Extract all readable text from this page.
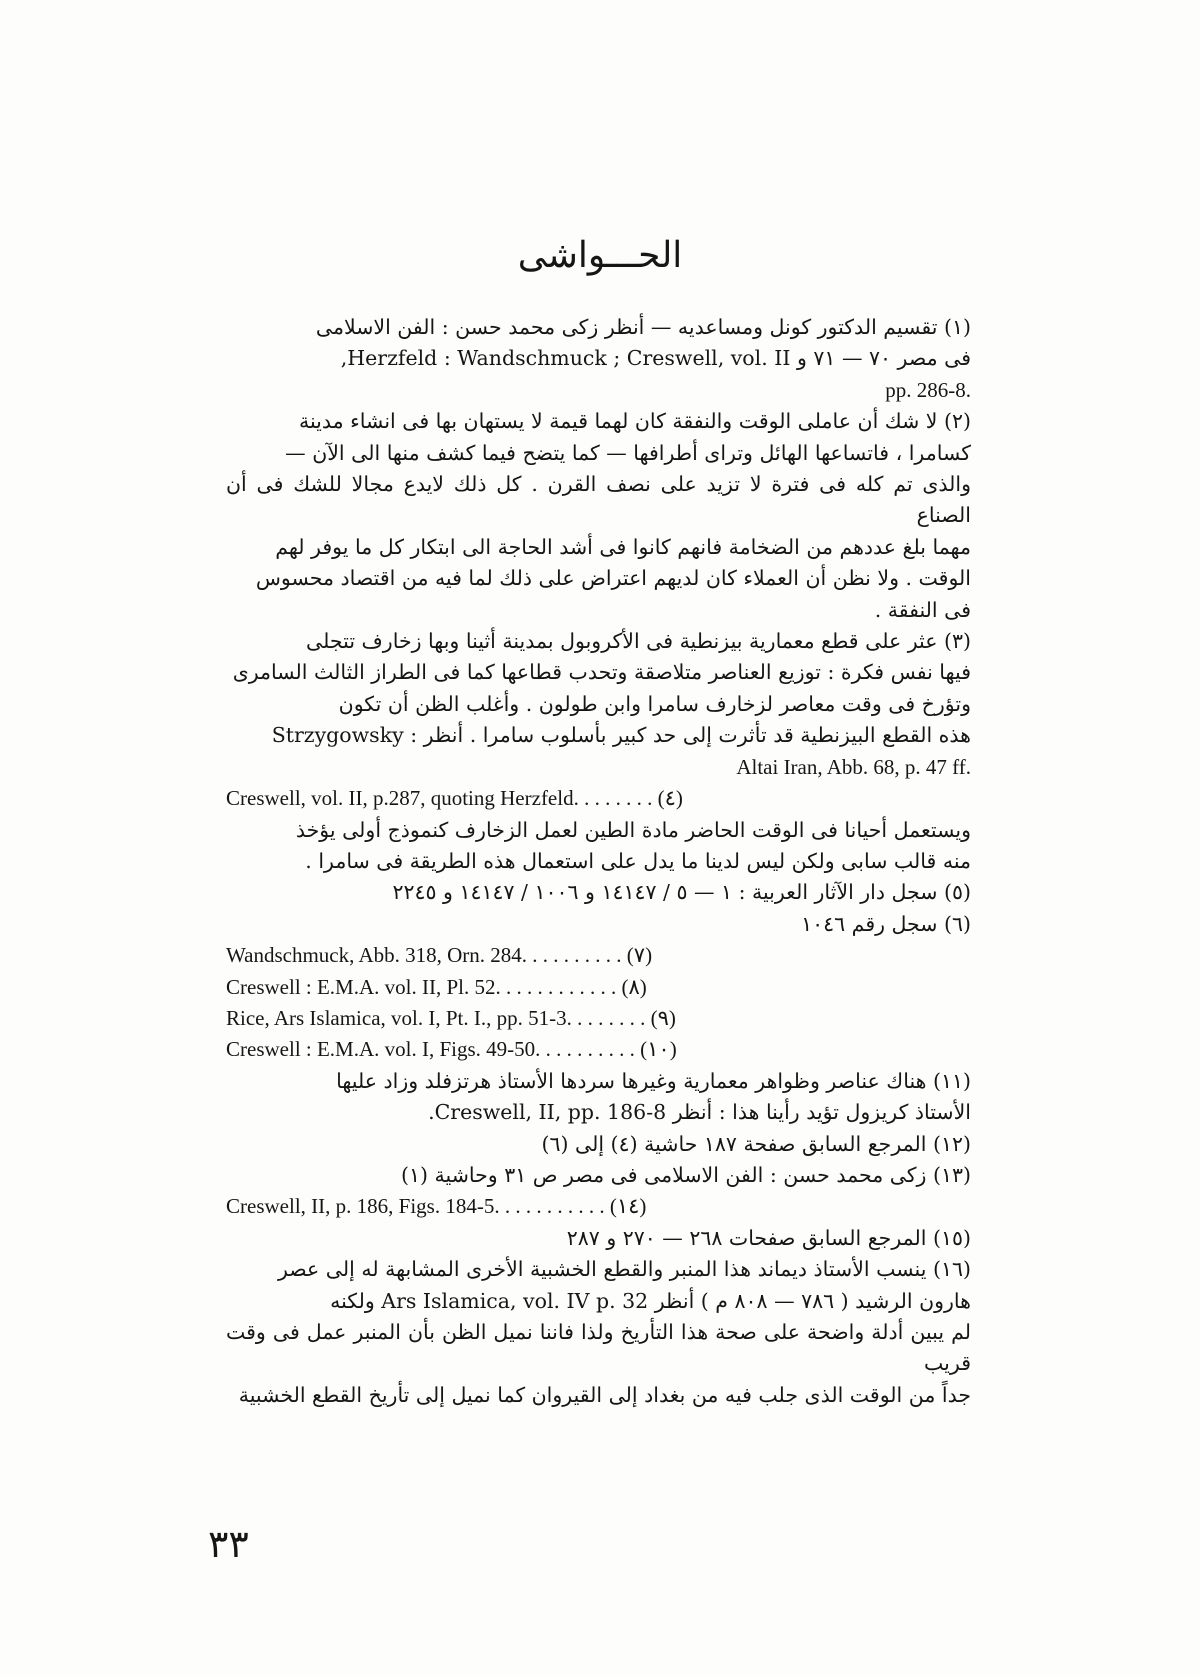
الحـــواشى
(١) تقسيم الدكتور كونل ومساعديه — أنظر زكى محمد حسن : الفن الاسلامى
فى مصر ٧٠ — ٧١ و Herzfeld : Wandschmuck ; Creswell, vol. II,
pp. 286-8.
(٢) لا شك أن عاملى الوقت والنفقة كان لهما قيمة لا يستهان بها فى انشاء مدينة
كسامرا ، فاتساعها الهائل وتراى أطرافها — كما يتضح فيما كشف منها الى الآن —
والذى تم كله فى فترة لا تزيد على نصف القرن . كل ذلك لايدع مجالا للشك فى أن الصناع
مهما بلغ عددهم من الضخامة فانهم كانوا فى أشد الحاجة الى ابتكار كل ما يوفر لهم
الوقت . ولا نظن أن العملاء كان لديهم اعتراض على ذلك لما فيه من اقتصاد محسوس
فى النفقة .
(٣) عثر على قطع معمارية بيزنطية فى الأكروبول بمدينة أثينا وبها زخارف تتجلى
فيها نفس فكرة : توزيع العناصر متلاصقة وتحدب قطاعها كما فى الطراز الثالث السامرى
وتؤرخ فى وقت معاصر لزخارف سامرا وابن طولون . وأغلب الظن أن تكون
هذه القطع البيزنطية قد تأثرت إلى حد كبير بأسلوب سامرا . أنظر : Strzygowsky
Altai Iran, Abb. 68, p. 47 ff.
Creswell, vol. II, p.287, quoting Herzfeld. . . . . . . . (٤)
ويستعمل أحيانا فى الوقت الحاضر مادة الطين لعمل الزخارف كنموذج أولى يؤخذ
منه قالب سابى ولكن ليس لدينا ما يدل على استعمال هذه الطريقة فى سامرا .
(٥) سجل دار الآثار العربية : ١ — ٥ / ١٤١٤٧ و ١٠٠٦ / ١٤١٤٧ و ٢٢٤٥
(٦) سجل رقم ١٠٤٦
Wandschmuck, Abb. 318, Orn. 284. . . . . . . . . . (٧)
Creswell : E.M.A. vol. II, Pl. 52. . . . . . . . . . . . (٨)
Rice, Ars Islamica, vol. I, Pt. I., pp. 51-3. . . . . . . . (٩)
Creswell : E.M.A. vol. I, Figs. 49-50. . . . . . . . . . (١٠)
(١١) هناك عناصر وظواهر معمارية وغيرها سردها الأستاذ هرتزفلد وزاد عليها
الأستاذ كريزول تؤيد رأينا هذا : أنظر Creswell, II, pp. 186-8.
(١٢) المرجع السابق صفحة ١٨٧ حاشية (٤) إلى (٦)
(١٣) زكى محمد حسن : الفن الاسلامى فى مصر ص ٣١ وحاشية (١)
Creswell, II, p. 186, Figs. 184-5. . . . . . . . . . . (١٤)
(١٥) المرجع السابق صفحات ٢٦٨ — ٢٧٠ و ٢٨٧
(١٦) ينسب الأستاذ ديماند هذا المنبر والقطع الخشبية الأخرى المشابهة له إلى عصر
هارون الرشيد ( ٧٨٦ — ٨٠٨ م ) أنظر Ars Islamica, vol. IV p. 32 ولكنه
لم يبين أدلة واضحة على صحة هذا التأريخ ولذا فاننا نميل الظن بأن المنبر عمل فى وقت قريب
جداً من الوقت الذى جلب فيه من بغداد إلى القيروان كما نميل إلى تأريخ القطع الخشبية
٣٣
